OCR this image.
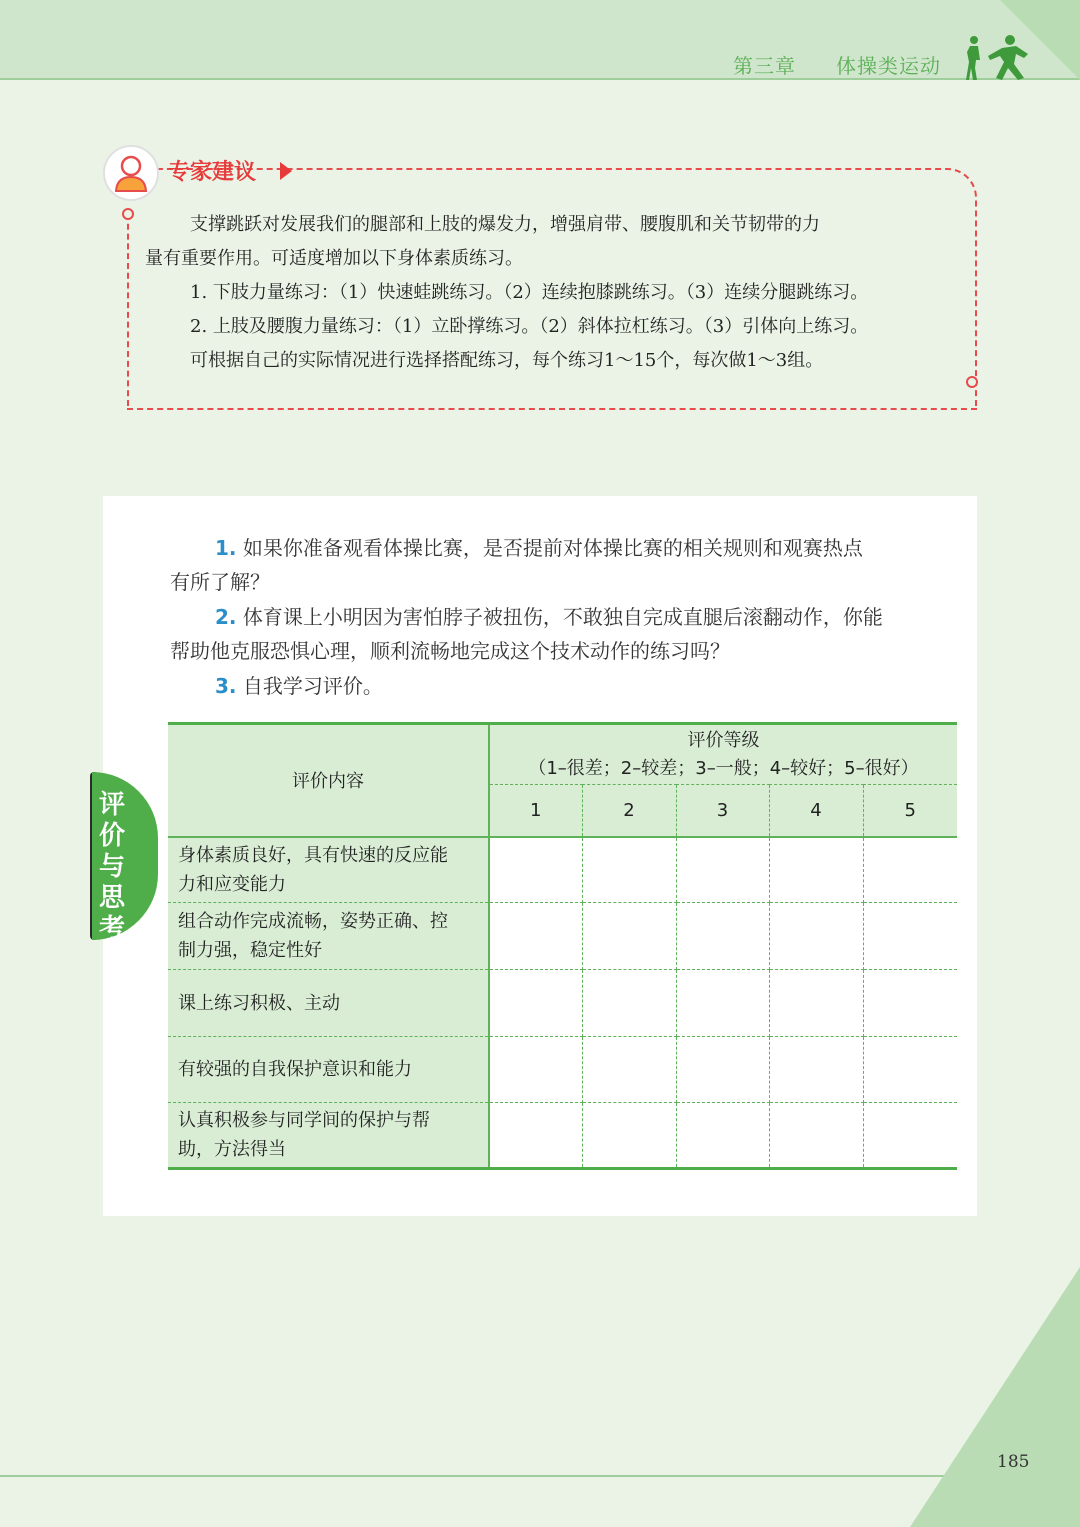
第三章 体操类运动
专家建议

支撑跳跃对发展我们的腿部和上肢的爆发力，增强肩带、腰腹肌和关节韧带的力

量有重要作用。可适度增加以下身体素质练习。

1. 下肢力量练习：（1）快速蛙跳练习。（2）连续抱膝跳练习。（3）连续分腿跳练习。

2. 上肢及腰腹力量练习：（1）立卧撑练习。（2）斜体拉杠练习。（3）引体向上练习。

可根据自己的实际情况进行选择搭配练习，每个练习1～15个，每次做1～3组。

评
价
与
思
考
1. 如果你准备观看体操比赛，是否提前对体操比赛的相关规则和观赛热点
有所了解？
2. 体育课上小明因为害怕脖子被扭伤，不敢独自完成直腿后滚翻动作，你能
帮助他克服恐惧心理，顺利流畅地完成这个技术动作的练习吗？
3. 自我学习评价。
评价内容	评价等级
（1–很差；2–较差；3–一般；4–较好；5–很好）				

	1	2	3	4	5

身体素质良好，具有快速的反应能
力和应变能力					

组合动作完成流畅，姿势正确、控
制力强，稳定性好					

课上练习积极、主动					

有较强的自我保护意识和能力					

认真积极参与同学间的保护与帮
助，方法得当					

185
